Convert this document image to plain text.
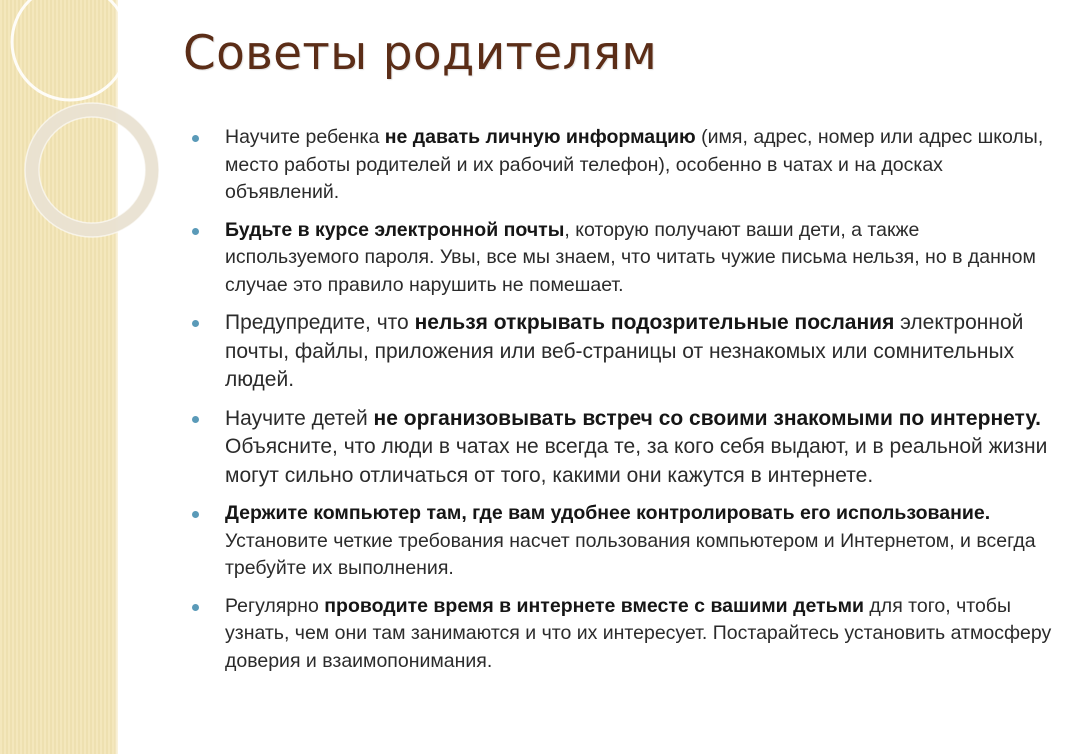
Советы родителям
Научите ребенка не давать личную информацию (имя, адрес, номер или адрес школы, место работы родителей и их рабочий телефон), особенно в чатах и на досках объявлений.
Будьте в курсе электронной почты, которую получают ваши дети, а также используемого пароля. Увы, все мы знаем, что читать чужие письма нельзя, но в данном случае это правило нарушить не помешает.
Предупредите, что нельзя открывать подозрительные послания электронной почты, файлы, приложения или веб-страницы от незнакомых или сомнительных людей.
Научите детей не организовывать встреч со своими знакомыми по интернету. Объясните, что люди в чатах не всегда те, за кого себя выдают, и в реальной жизни могут сильно отличаться от того, какими они кажутся в интернете.
Держите компьютер там, где вам удобнее контролировать его использование. Установите четкие требования насчет пользования компьютером и Интернетом, и всегда требуйте их выполнения.
Регулярно проводите время в интернете вместе с вашими детьми для того, чтобы узнать, чем они там занимаются и что их интересует. Постарайтесь установить атмосферу доверия и взаимопонимания.
